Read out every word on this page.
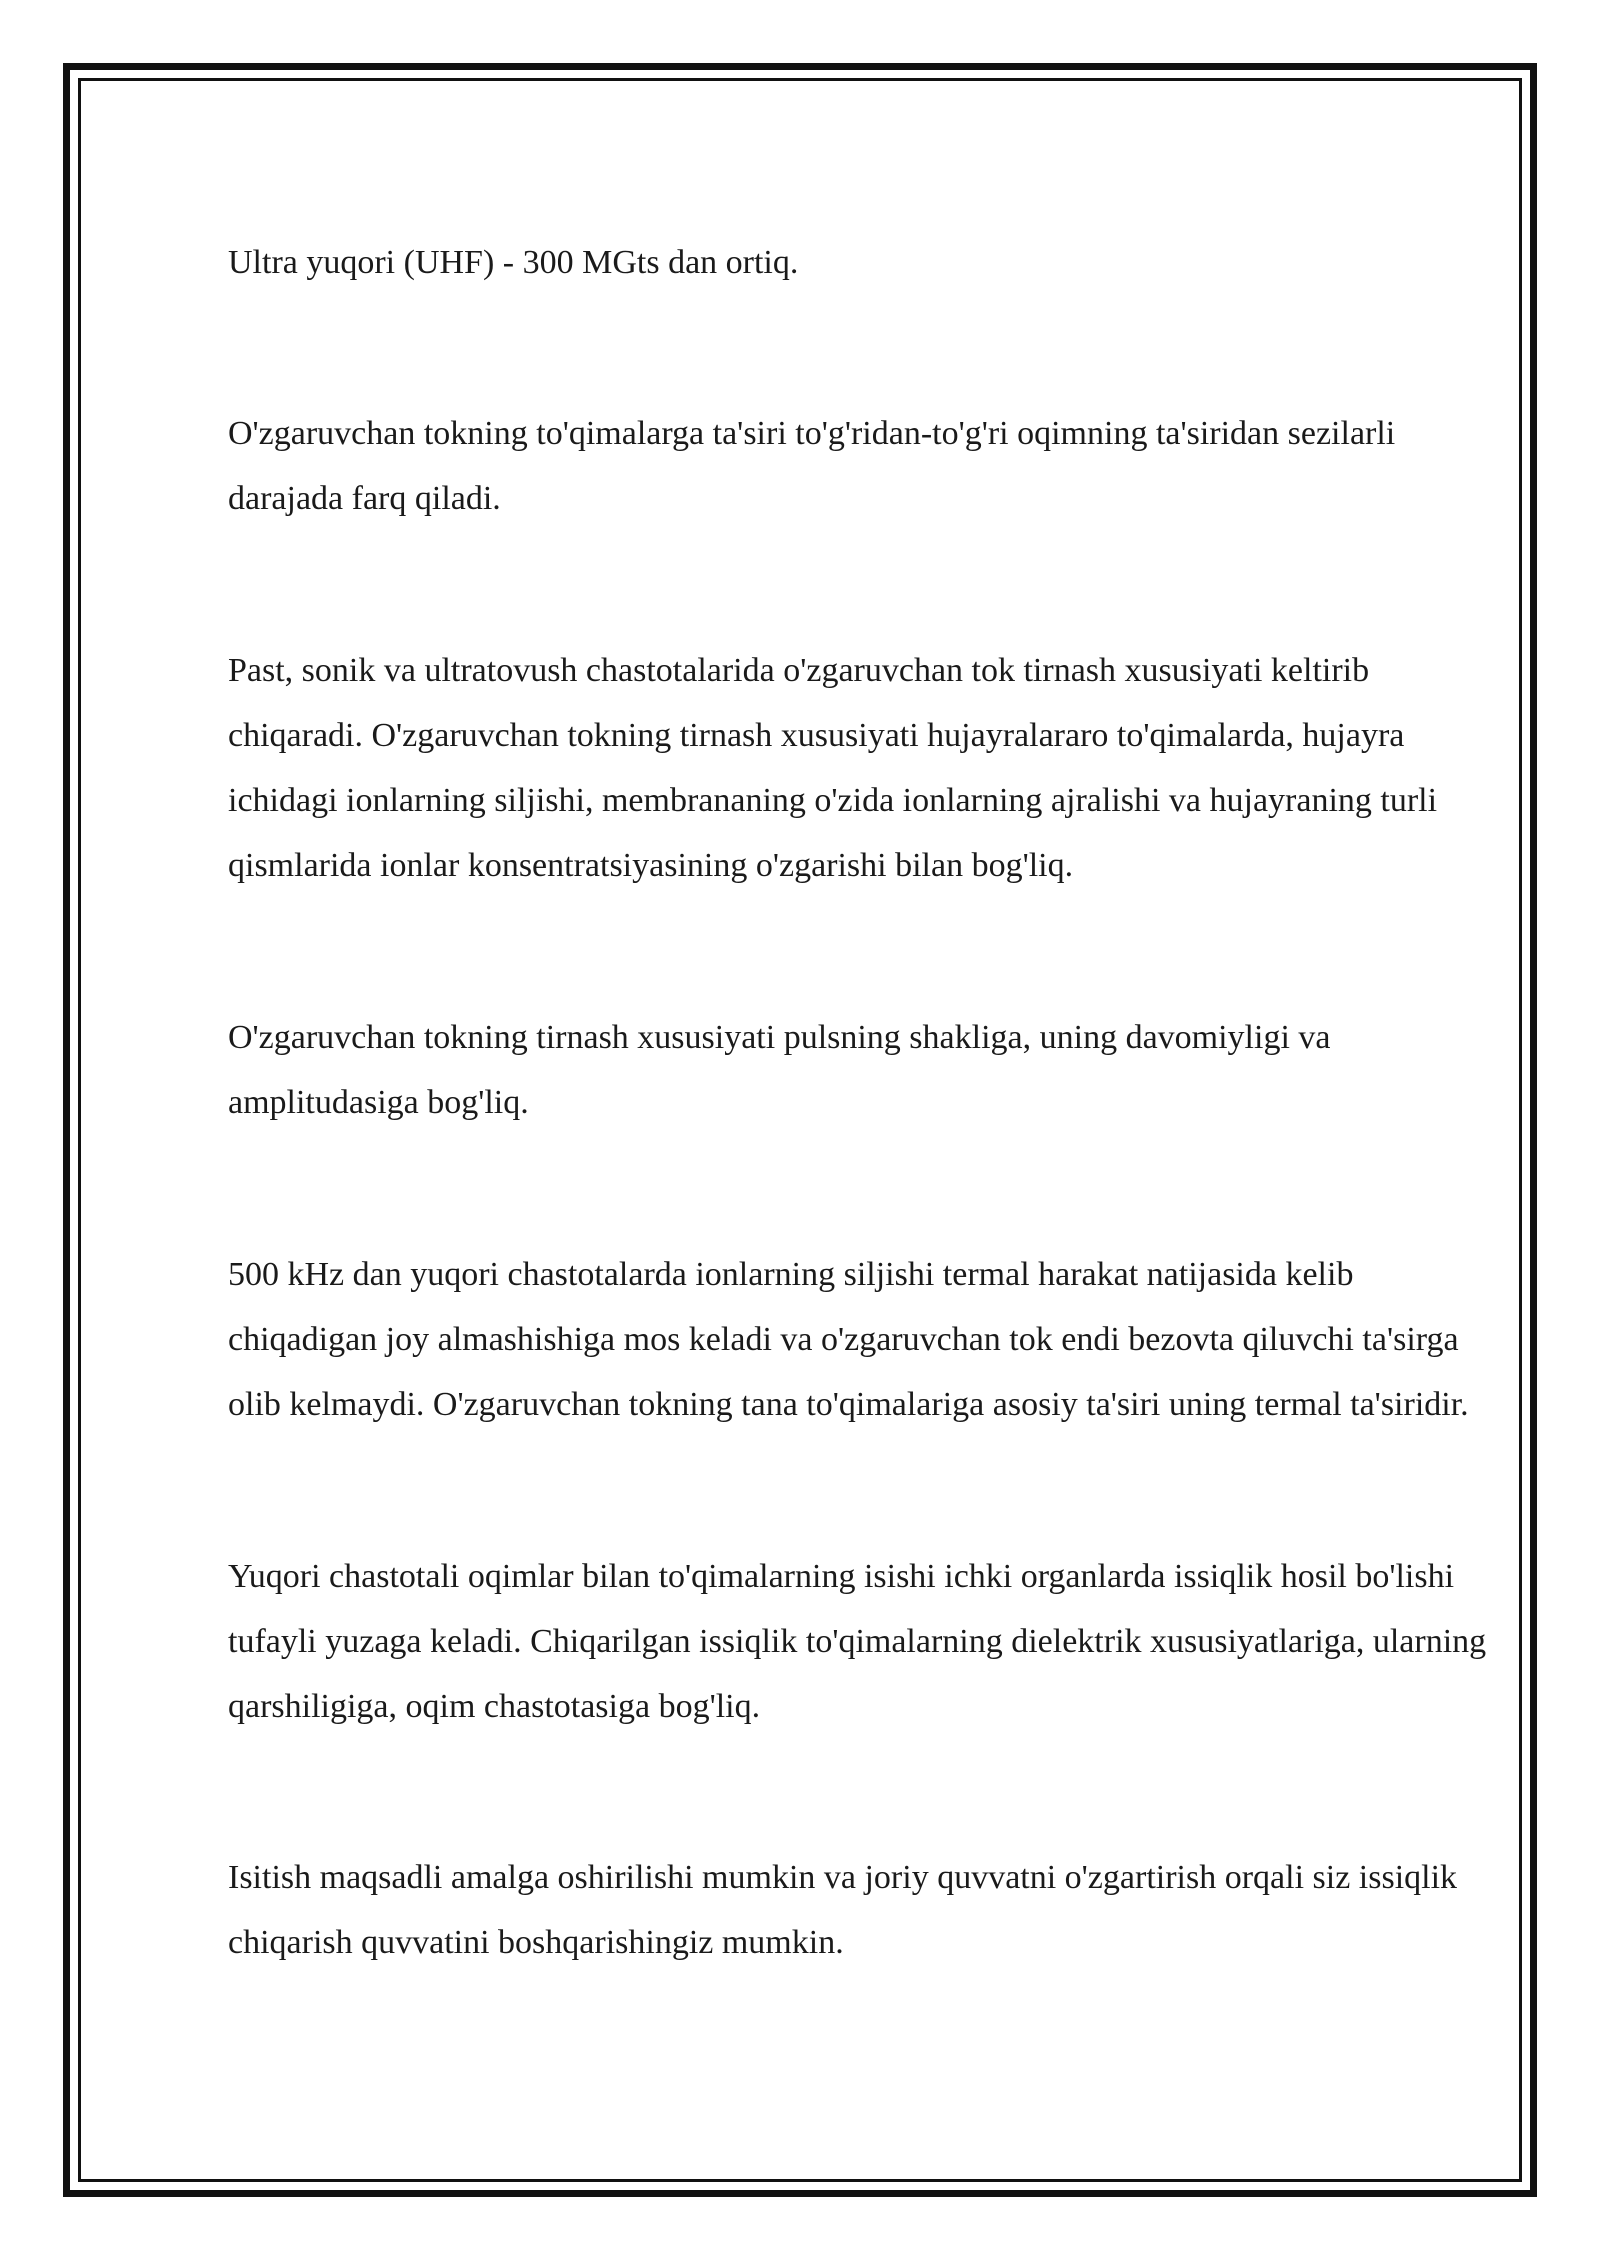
Ultra yuqori (UHF) - 300 MGts dan ortiq.

O'zgaruvchan tokning to'qimalarga ta'siri to'g'ridan-to'g'ri oqimning ta'siridan sezilarli darajada farq qiladi.

Past, sonik va ultratovush chastotalarida o'zgaruvchan tok tirnash xususiyati keltirib chiqaradi. O'zgaruvchan tokning tirnash xususiyati hujayralararo to'qimalarda, hujayra ichidagi ionlarning siljishi, membrananing o'zida ionlarning ajralishi va hujayraning turli qismlarida ionlar konsentratsiyasining o'zgarishi bilan bog'liq.

O'zgaruvchan tokning tirnash xususiyati pulsning shakliga, uning davomiyligi va amplitudasiga bog'liq.

500 kHz dan yuqori chastotalarda ionlarning siljishi termal harakat natijasida kelib chiqadigan joy almashishiga mos keladi va o'zgaruvchan tok endi bezovta qiluvchi ta'sirga olib kelmaydi. O'zgaruvchan tokning tana to'qimalariga asosiy ta'siri uning termal ta'siridir.

Yuqori chastotali oqimlar bilan to'qimalarning isishi ichki organlarda issiqlik hosil bo'lishi tufayli yuzaga keladi. Chiqarilgan issiqlik to'qimalarning dielektrik xususiyatlariga, ularning qarshiligiga, oqim chastotasiga bog'liq.

Isitish maqsadli amalga oshirilishi mumkin va joriy quvvatni o'zgartirish orqali siz issiqlik chiqarish quvvatini boshqarishingiz mumkin.
